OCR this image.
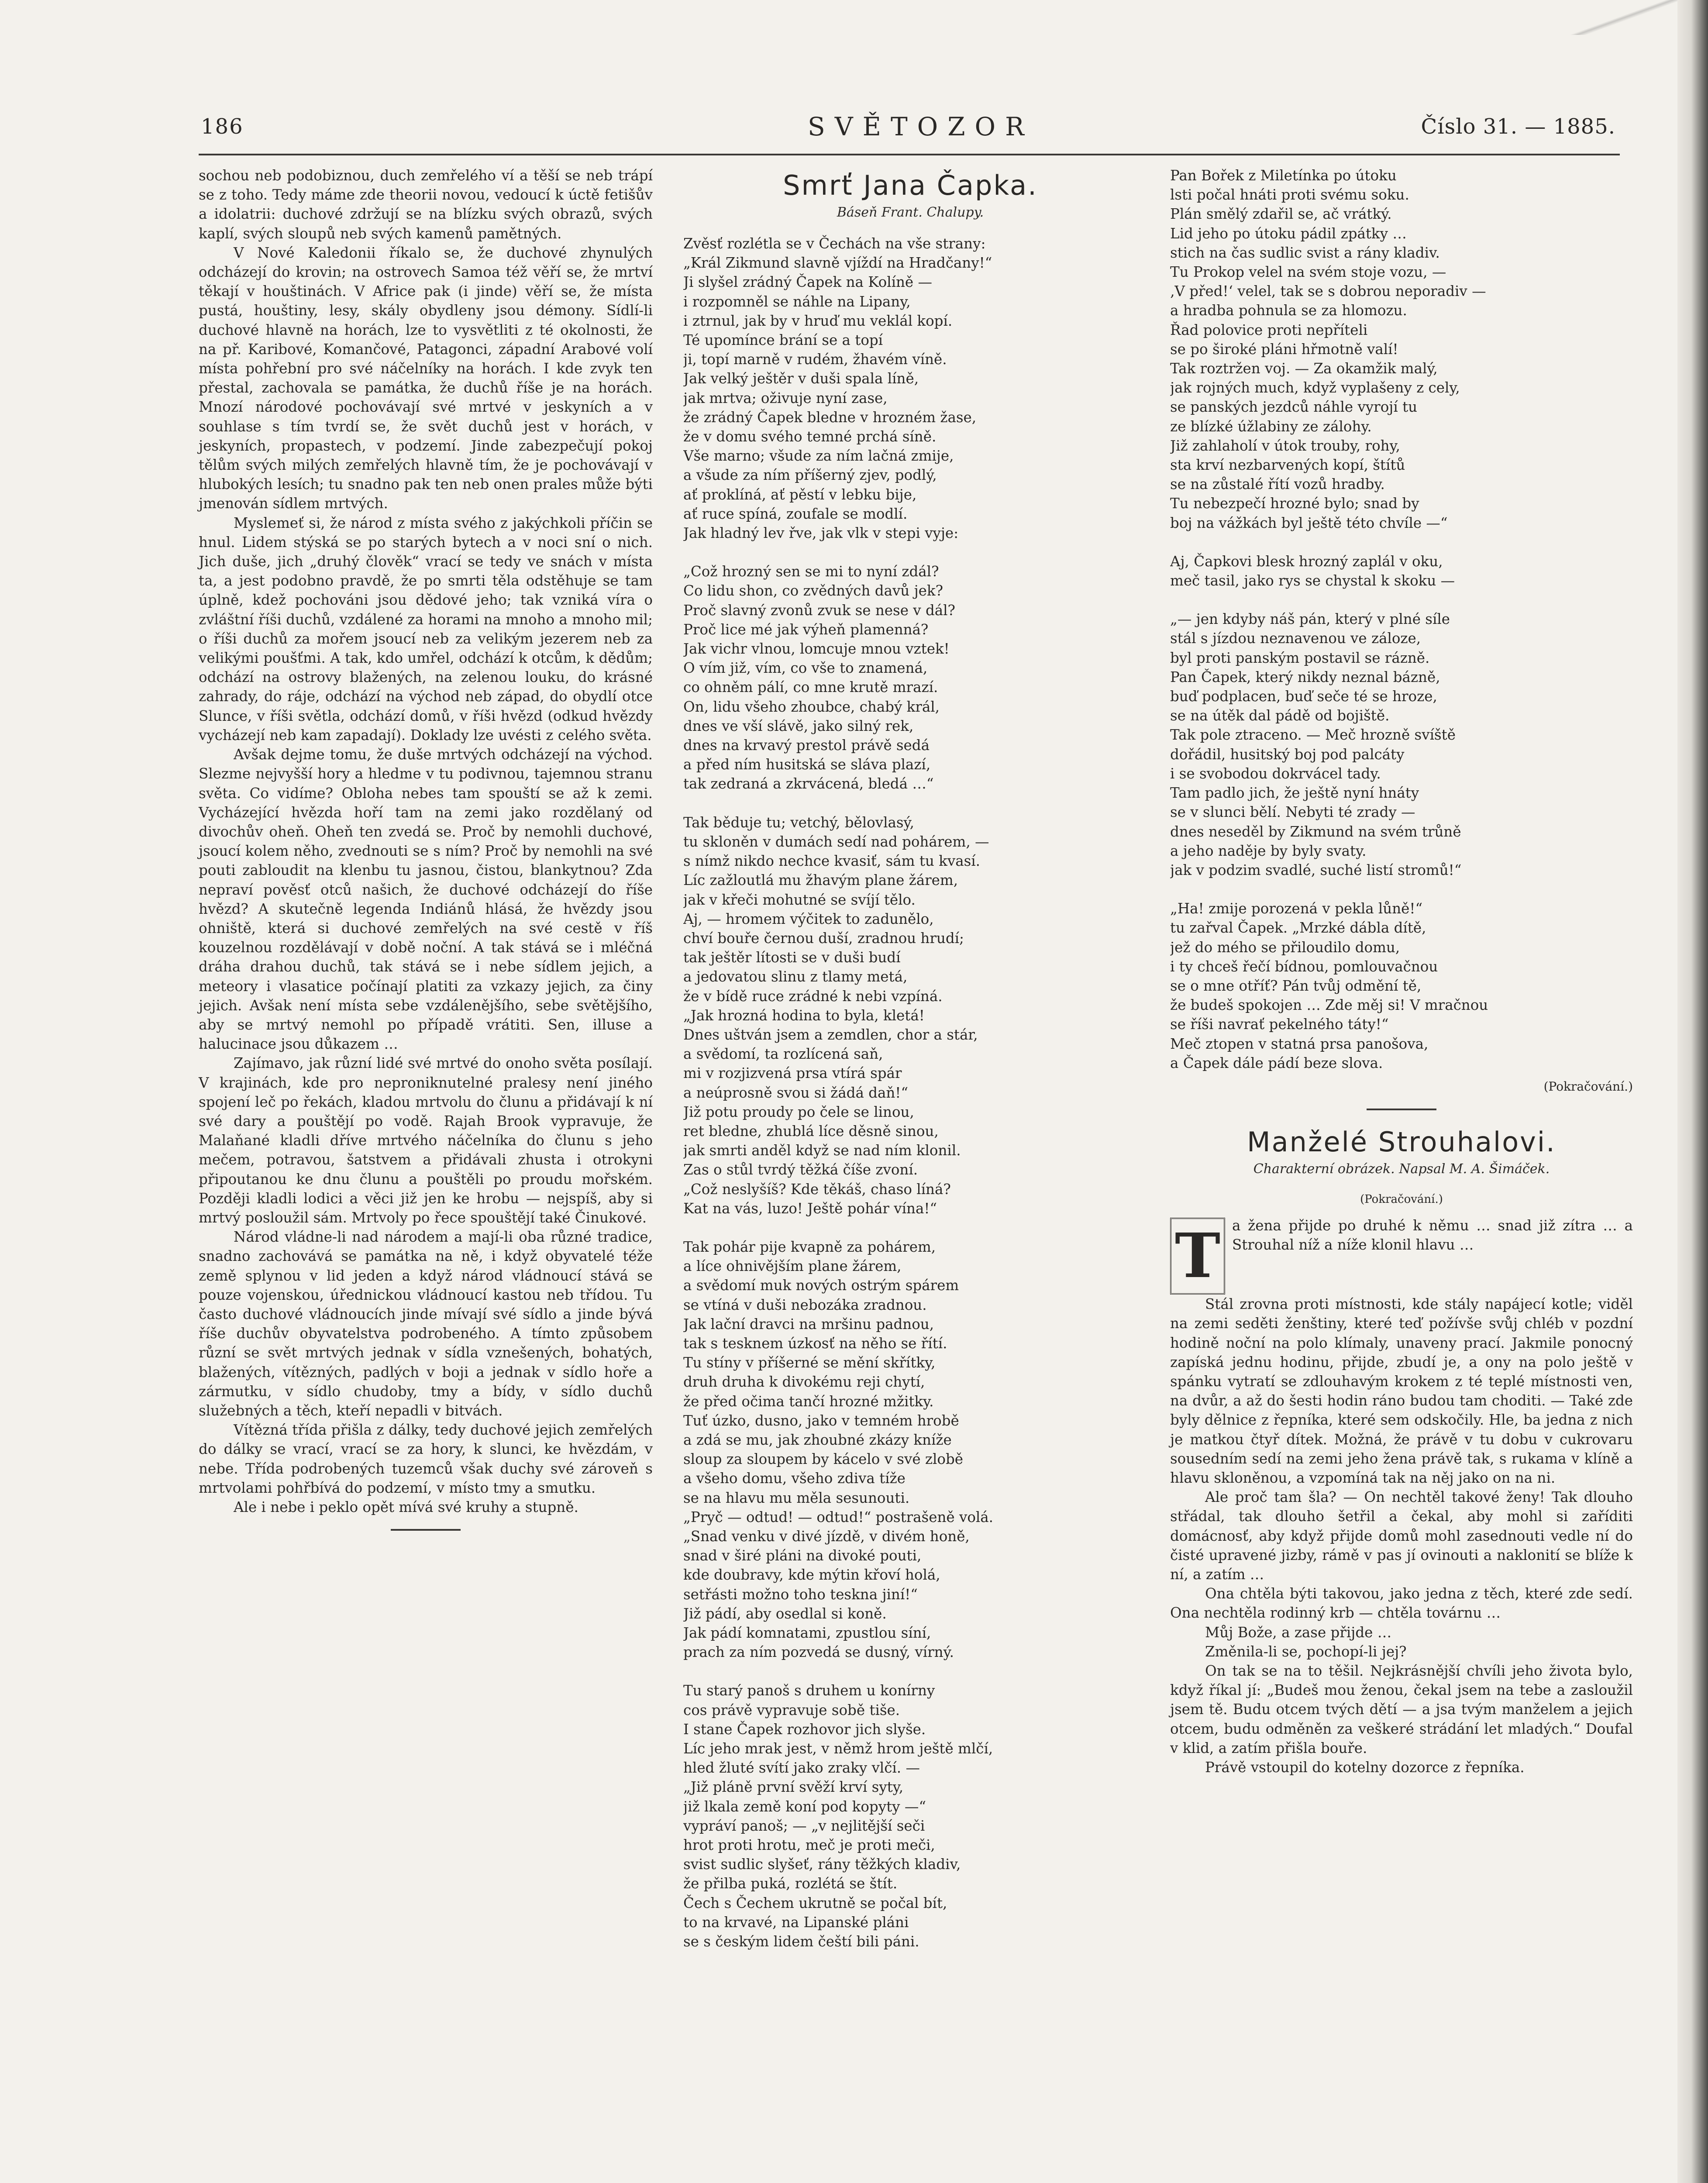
186	SVĚTOZOR	Číslo 31. — 1885.

sochou neb podobiznou, duch zemřelého ví a těší se neb trápí se z toho. Tedy máme zde theorii novou, vedoucí k úctě fetišův a idolatrii: duchové zdržují se na blízku svých obrazů, svých kaplí, svých sloupů neb svých kamenů pamětných.

V Nové Kaledonii říkalo se, že duchové zhynulých odcházejí do krovin; na ostrovech Samoa též věří se, že mrtví těkají v houštinách. V Africe pak (i jinde) věří se, že místa pustá, houštiny, lesy, skály obydleny jsou démony. Sídlí-li duchové hlavně na horách, lze to vysvětliti z té okolnosti, že na př. Karibové, Komančové, Patagonci, západní Arabové volí místa pohřební pro své náčelníky na horách. I kde zvyk ten přestal, zachovala se památka, že duchů říše je na horách. Mnozí národové pochovávají své mrtvé v jeskyních a v souhlase s tím tvrdí se, že svět duchů jest v horách, v jeskyních, propastech, v podzemí. Jinde zabezpečují pokoj tělům svých milých zemřelých hlavně tím, že je pochovávají v hlubokých lesích; tu snadno pak ten neb onen prales může býti jmenován sídlem mrtvých.

Myslemeť si, že národ z místa svého z jakýchkoli příčin se hnul. Lidem stýská se po starých bytech a v noci sní o nich. Jich duše, jich „druhý člověk“ vrací se tedy ve snách v místa ta, a jest podobno pravdě, že po smrti těla odstěhuje se tam úplně, kdež pochováni jsou dědové jeho; tak vzniká víra o zvláštní říši duchů, vzdálené za horami na mnoho a mnoho mil; o říši duchů za mořem jsoucí neb za velikým jezerem neb za velikými poušťmi. A tak, kdo umřel, odchází k otcům, k dědům; odchází na ostrovy blažených, na zelenou louku, do krásné zahrady, do ráje, odchází na východ neb západ, do obydlí otce Slunce, v říši světla, odchází domů, v říši hvězd (odkud hvězdy vycházejí neb kam zapadají). Doklady lze uvésti z celého světa.

Avšak dejme tomu, že duše mrtvých odcházejí na východ. Slezme nejvyšší hory a hledme v tu podivnou, tajemnou stranu světa. Co vidíme? Obloha nebes tam spouští se až k zemi. Vycházející hvězda hoří tam na zemi jako rozdělaný od divochův oheň. Oheň ten zvedá se. Proč by nemohli duchové, jsoucí kolem něho, zvednouti se s ním? Proč by nemohli na své pouti zabloudit na klenbu tu jasnou, čistou, blankytnou? Zda nepraví pověsť otců našich, že duchové odcházejí do říše hvězd? A skutečně legenda Indiánů hlásá, že hvězdy jsou ohniště, která si duchové zemřelých na své cestě v říš kouzelnou rozdělávají v době noční. A tak stává se i mléčná dráha drahou duchů, tak stává se i nebe sídlem jejich, a meteory i vlasatice počínají platiti za vzkazy jejich, za činy jejich. Avšak není místa sebe vzdálenějšího, sebe světějšího, aby se mrtvý nemohl po případě vrátiti. Sen, illuse a halucinace jsou důkazem …

Zajímavo, jak různí lidé své mrtvé do onoho světa posílají. V krajinách, kde pro neproniknutelné pralesy není jiného spojení leč po řekách, kladou mrtvolu do člunu a přidávají k ní své dary a pouštějí po vodě. Rajah Brook vypravuje, že Malaňané kladli dříve mrtvého náčelníka do člunu s jeho mečem, potravou, šatstvem a přidávali zhusta i otrokyni připoutanou ke dnu člunu a pouštěli po proudu mořském. Později kladli lodici a věci již jen ke hrobu — nejspíš, aby si mrtvý posloužil sám. Mrtvoly po řece spouštějí také Činukové.

Národ vládne-li nad národem a mají-li oba různé tradice, snadno zachovává se památka na ně, i když obyvatelé téže země splynou v lid jeden a když národ vládnoucí stává se pouze vojenskou, úřednickou vládnoucí kastou neb třídou. Tu často duchové vládnoucích jinde mívají své sídlo a jinde bývá říše duchův obyvatelstva podrobeného. A tímto způsobem různí se svět mrtvých jednak v sídla vznešených, bohatých, blažených, vítězných, padlých v boji a jednak v sídlo hoře a zármutku, v sídlo chudoby, tmy a bídy, v sídlo duchů služebných a těch, kteří nepadli v bitvách.

Vítězná třída přišla z dálky, tedy duchové jejich zemřelých do dálky se vrací, vrací se za hory, k slunci, ke hvězdám, v nebe. Třída podrobených tuzemců však duchy své zároveň s mrtvolami pohřbívá do podzemí, v místo tmy a smutku.

Ale i nebe i peklo opět mívá své kruhy a stupně.

Smrť Jana Čapka.
Báseň Frant. Chalupy.
Zvěsť rozlétla se v Čechách na vše strany:
„Král Zikmund slavně vjíždí na Hradčany!“
Ji slyšel zrádný Čapek na Kolíně —
i rozpomněl se náhle na Lipany,
i ztrnul, jak by v hruď mu veklál kopí.
Té upomínce brání se a topí
ji, topí marně v rudém, žhavém víně.
Jak velký ještěr v duši spala líně,
jak mrtva; oživuje nyní zase,
že zrádný Čapek bledne v hrozném žase,
že v domu svého temné prchá síně.
Vše marno; všude za ním lačná zmije,
a všude za ním příšerný zjev, podlý,
ať proklíná, ať pěstí v lebku bije,
ať ruce spíná, zoufale se modlí.
Jak hladný lev řve, jak vlk v stepi vyje:
„Což hrozný sen se mi to nyní zdál?
Co lidu shon, co zvědných davů jek?
Proč slavný zvonů zvuk se nese v dál?
Proč lice mé jak výheň plamenná?
Jak vichr vlnou, lomcuje mnou vztek!
O vím již, vím, co vše to znamená,
co ohněm pálí, co mne krutě mrazí.
On, lidu všeho zhoubce, chabý král,
dnes ve vší slávě, jako silný rek,
dnes na krvavý prestol právě sedá
a před ním husitská se sláva plazí,
tak zedraná a zkrvácená, bledá …“
Tak běduje tu; vetchý, bělovlasý,
tu skloněn v dumách sedí nad pohárem, —
s nímž nikdo nechce kvasiť, sám tu kvasí.
Líc zažloutlá mu žhavým plane žárem,
jak v křeči mohutné se svíjí tělo.
Aj, — hromem výčitek to zadunělo,
chví bouře černou duší, zradnou hrudí;
tak ještěr lítosti se v duši budí
a jedovatou slinu z tlamy metá,
že v bídě ruce zrádné k nebi vzpíná.
„Jak hrozná hodina to byla, kletá!
Dnes uštván jsem a zemdlen, chor a stár,
a svědomí, ta rozlícená saň,
mi v rozjizvená prsa vtírá spár
a neúprosně svou si žádá daň!“
Již potu proudy po čele se linou,
ret bledne, zhublá líce děsně sinou,
jak smrti anděl když se nad ním klonil.
Zas o stůl tvrdý těžká číše zvoní.
„Což neslyšíš? Kde těkáš, chaso líná?
Kat na vás, luzo! Ještě pohár vína!“
Tak pohár pije kvapně za pohárem,
a líce ohnivějším plane žárem,
a svědomí muk nových ostrým spárem
se vtíná v duši nebozáka zradnou.
Jak lační dravci na mršinu padnou,
tak s tesknem úzkosť na něho se řítí.
Tu stíny v příšerné se mění skřítky,
druh druha k divokému reji chytí,
že před očima tančí hrozné mžitky.
Tuť úzko, dusno, jako v temném hrobě
a zdá se mu, jak zhoubné zkázy kníže
sloup za sloupem by kácelo v své zlobě
a všeho domu, všeho zdiva tíže
se na hlavu mu měla sesunouti.
„Pryč — odtud! — odtud!“ postrašeně volá.
„Snad venku v divé jízdě, v divém honě,
snad v širé pláni na divoké pouti,
kde doubravy, kde mýtin křoví holá,
setřásti možno toho teskna jiní!“
Již pádí, aby osedlal si koně.
Jak pádí komnatami, zpustlou síní,
prach za ním pozvedá se dusný, vírný.
Tu starý panoš s druhem u konírny
cos právě vypravuje sobě tiše.
I stane Čapek rozhovor jich slyše.
Líc jeho mrak jest, v němž hrom ještě mlčí,
hled žluté svítí jako zraky vlčí. —
„Již pláně první svěží krví syty,
již lkala země koní pod kopyty —“
vypráví panoš; — „v nejlitější seči
hrot proti hrotu, meč je proti meči,
svist sudlic slyšeť, rány těžkých kladiv,
že přilba puká, rozlétá se štít.
Čech s Čechem ukrutně se počal bít,
to na krvavé, na Lipanské pláni
se s českým lidem čeští bili páni.
Pan Bořek z Miletínka po útoku
lsti počal hnáti proti svému soku.
Plán smělý zdařil se, ač vrátký.
Lid jeho po útoku pádil zpátky …
stich na čas sudlic svist a rány kladiv.
Tu Prokop velel na svém stoje vozu, —
‚V před!‘ velel, tak se s dobrou neporadiv —
a hradba pohnula se za hlomozu.
Řad polovice proti nepříteli
se po široké pláni hřmotně valí!
Tak roztržen voj. — Za okamžik malý,
jak rojných much, když vyplašeny z cely,
se panských jezdců náhle vyrojí tu
ze blízké úžlabiny ze zálohy.
Již zahlaholí v útok trouby, rohy,
sta krví nezbarvených kopí, štítů
se na zůstalé řítí vozů hradby.
Tu nebezpečí hrozné bylo; snad by
boj na vážkách byl ještě této chvíle —“
Aj, Čapkovi blesk hrozný zaplál v oku,
meč tasil, jako rys se chystal k skoku —
„— jen kdyby náš pán, který v plné síle
stál s jízdou neznavenou ve záloze,
byl proti panským postavil se rázně.
Pan Čapek, který nikdy neznal bázně,
buď podplacen, buď seče té se hroze,
se na útěk dal pádě od bojiště.
Tak pole ztraceno. — Meč hrozně svíště
dořádil, husitský boj pod palcáty
i se svobodou dokrvácel tady.
Tam padlo jich, že ještě nyní hnáty
se v slunci bělí. Nebyti té zrady —
dnes neseděl by Zikmund na svém trůně
a jeho naděje by byly svaty.
jak v podzim svadlé, suché listí stromů!“
„Ha! zmije porozená v pekla lůně!“
tu zařval Čapek. „Mrzké dábla dítě,
jež do mého se přiloudilo domu,
i ty chceš řečí bídnou, pomlouvačnou
se o mne otříť? Pán tvůj odmění tě,
že budeš spokojen … Zde měj si! V mračnou
se říši navrať pekelného táty!“
Meč ztopen v statná prsa panošova,
a Čapek dále pádí beze slova.
(Pokračování.)
Manželé Strouhalovi.
Charakterní obrázek. Napsal M. A. Šimáček.
(Pokračování.)
T a žena přijde po druhé k němu … snad již zítra … a Strouhal níž a níže klonil hlavu …

Stál zrovna proti místnosti, kde stály napájecí kotle; viděl na zemi seděti ženštiny, které teď požívše svůj chléb v pozdní hodině noční na polo klímaly, unaveny prací. Jakmile ponocný zapíská jednu hodinu, přijde, zbudí je, a ony na polo ještě v spánku vytratí se zdlouhavým krokem z té teplé místnosti ven, na dvůr, a až do šesti hodin ráno budou tam choditi. — Také zde byly dělnice z řepníka, které sem odskočily. Hle, ba jedna z nich je matkou čtyř dítek. Možná, že právě v tu dobu v cukrovaru sousedním sedí na zemi jeho žena právě tak, s rukama v klíně a hlavu skloněnou, a vzpomíná tak na něj jako on na ni.

Ale proč tam šla? — On nechtěl takové ženy! Tak dlouho střádal, tak dlouho šetřil a čekal, aby mohl si zaříditi domácnosť, aby když přijde domů mohl zasednouti vedle ní do čisté upravené jizby, rámě v pas jí ovinouti a naklonití se blíže k ní, a zatím …

Ona chtěla býti takovou, jako jedna z těch, které zde sedí. Ona nechtěla rodinný krb — chtěla továrnu …

Můj Bože, a zase přijde …

Změnila-li se, pochopí-li jej?

On tak se na to těšil. Nejkrásnější chvíli jeho života bylo, když říkal jí: „Budeš mou ženou, čekal jsem na tebe a zasloužil jsem tě. Budu otcem tvých dětí — a jsa tvým manželem a jejich otcem, budu odměněn za veškeré strádání let mladých.“ Doufal v klid, a zatím přišla bouře.

Právě vstoupil do kotelny dozorce z řepníka.
